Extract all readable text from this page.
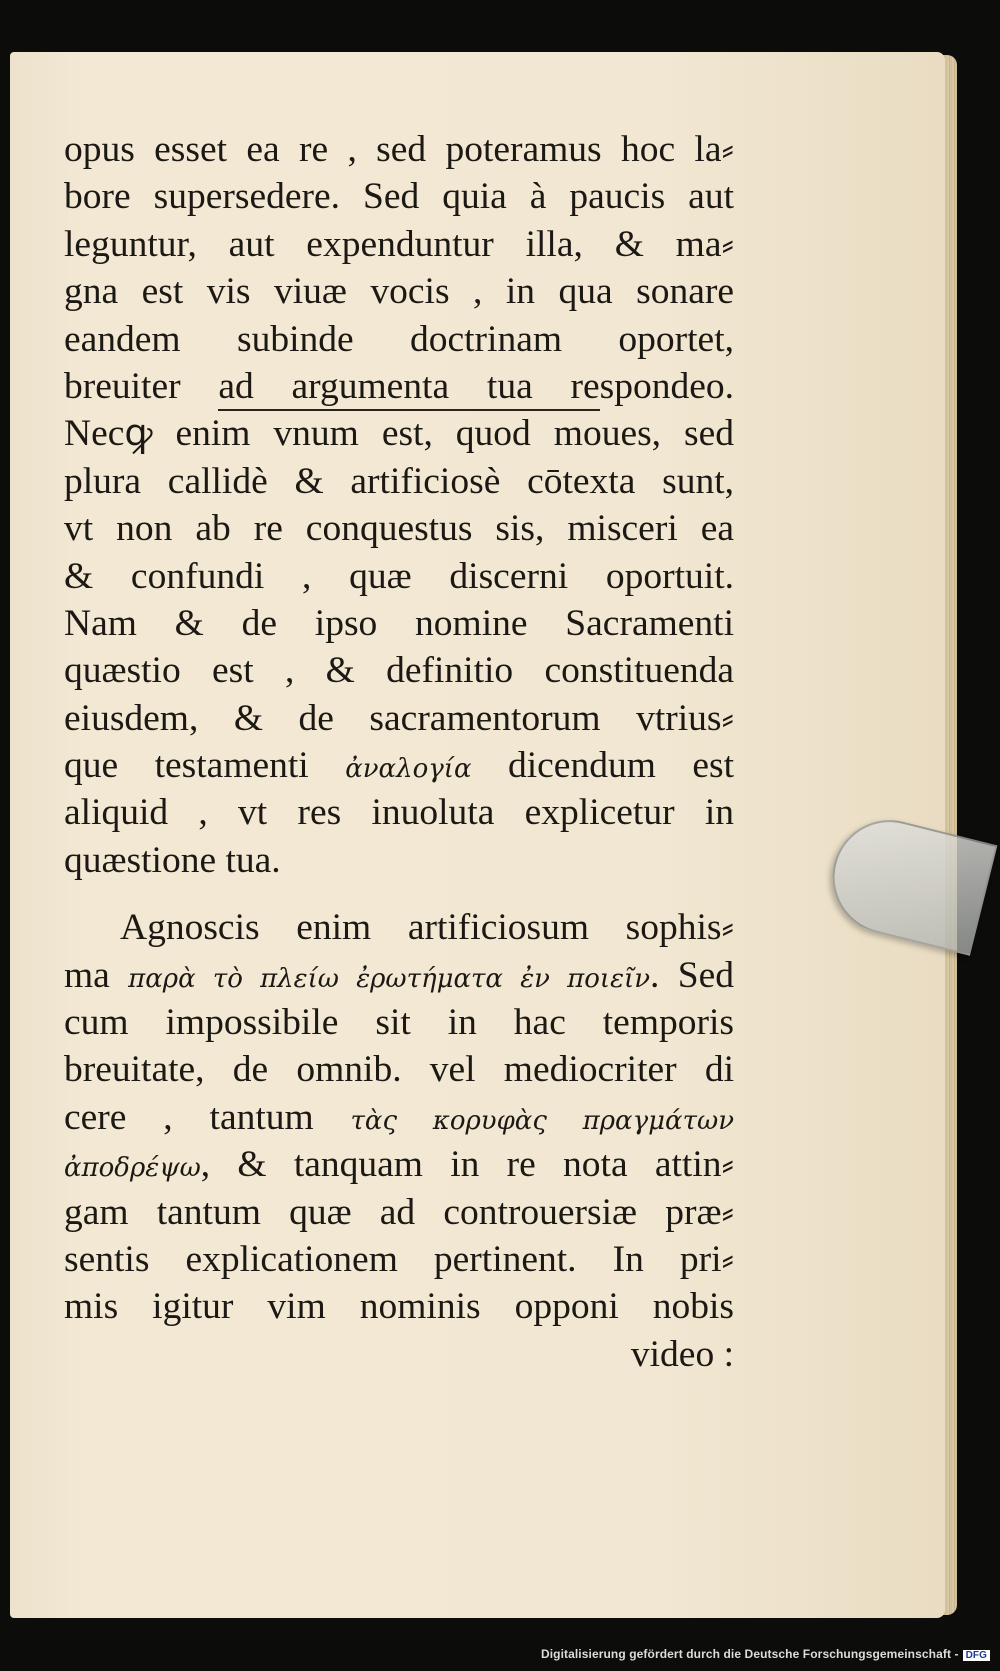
opus esset ea re , sed poteramus hoc la⸗
bore supersedere. Sed quia à paucis aut
leguntur, aut expenduntur illa, & ma⸗
gna est vis viuæ vocis , in qua sonare
eandem subinde doctrinam oportet,
breuiter ad argumenta tua respondeo.
Necꝙ enim vnum est, quod moues, sed
plura callidè & artificiosè cōtexta sunt,
vt non ab re conquestus sis, misceri ea
& confundi , quæ discerni oportuit.
Nam & de ipso nomine Sacramenti
quæstio est , & definitio constituenda
eiusdem, & de sacramentorum vtrius⸗
que testamenti ἀναλογία dicendum est
aliquid , vt res inuoluta explicetur in
quæstione tua.
Agnoscis enim artificiosum sophis⸗
ma παρὰ τὸ πλείω ἐρωτήματα ἐν ποιεῖν. Sed
cum impossibile sit in hac temporis
breuitate, de omnib. vel mediocriter di
cere , tantum τὰς κορυφὰς πραγμάτων
ἀποδρέψω, & tanquam in re nota attin⸗
gam tantum quæ ad controuersiæ præ⸗
sentis explicationem pertinent. In pri⸗
mis igitur vim nominis opponi nobis
video :
Digitalisierung gefördert durch die Deutsche Forschungsgemeinschaft - DFG
